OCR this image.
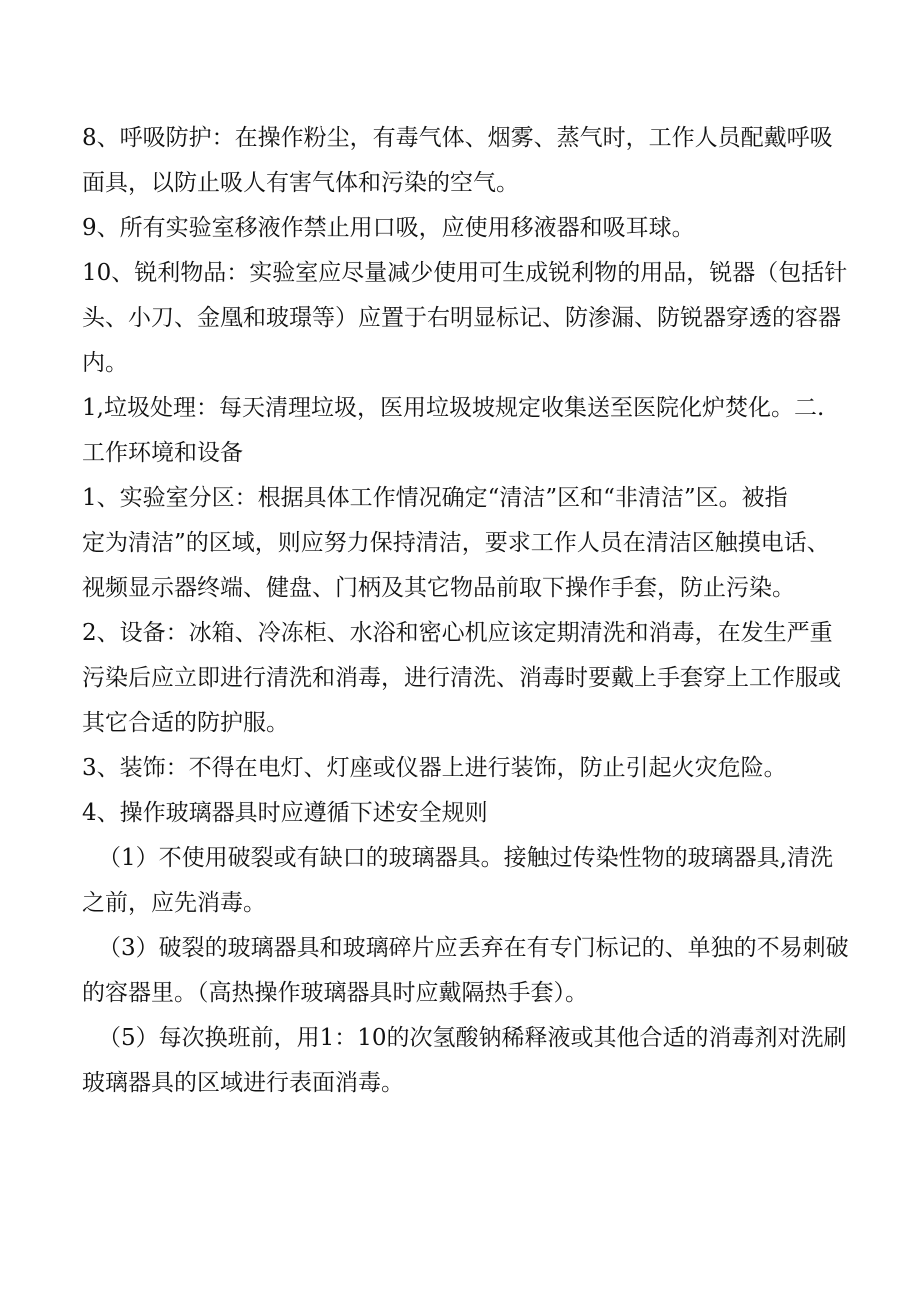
8、呼吸防护：在操作粉尘，有毒气体、烟雾、蒸气时，工作人员配戴呼吸
面具，以防止吸人有害气体和污染的空气。

9、所有实验室移液作禁止用口吸，应使用移液器和吸耳球。

10、锐利物品：实验室应尽量减少使用可生成锐利物的用品，锐器（包括针
头、小刀、金凰和玻璟等）应置于右明显标记、防渗漏、防锐器穿透的容器
内。

1,垃圾处理：每天清理垃圾，医用垃圾坡规定收集送至医院化炉焚化。二.
工作环境和设备

1、实验室分区：根据具体工作情况确定“清洁”区和“非清洁”区。被指
定为清洁”的区域，则应努力保持清洁，要求工作人员在清洁区触摸电话、
视频显示器终端、健盘、门柄及其它物品前取下操作手套，防止污染。

2、设备：冰箱、冷冻柜、水浴和密心机应该定期清洗和消毒，在发生严重
污染后应立即进行清洗和消毒，进行清洗、消毒时要戴上手套穿上工作服或
其它合适的防护服。

3、装饰：不得在电灯、灯座或仪器上进行装饰，防止引起火灾危险。

4、操作玻璃器具时应遵循下述安全规则

（1）不使用破裂或有缺口的玻璃器具。接触过传染性物的玻璃器具,清洗
之前，应先消毒。

（3）破裂的玻璃器具和玻璃碎片应丢弃在有专门标记的、单独的不易刺破
的容器里。（高热操作玻璃器具时应戴隔热手套）。

（5）每次换班前，用1：10的次氢酸钠稀释液或其他合适的消毒剂对洗刷
玻璃器具的区域进行表面消毒。
